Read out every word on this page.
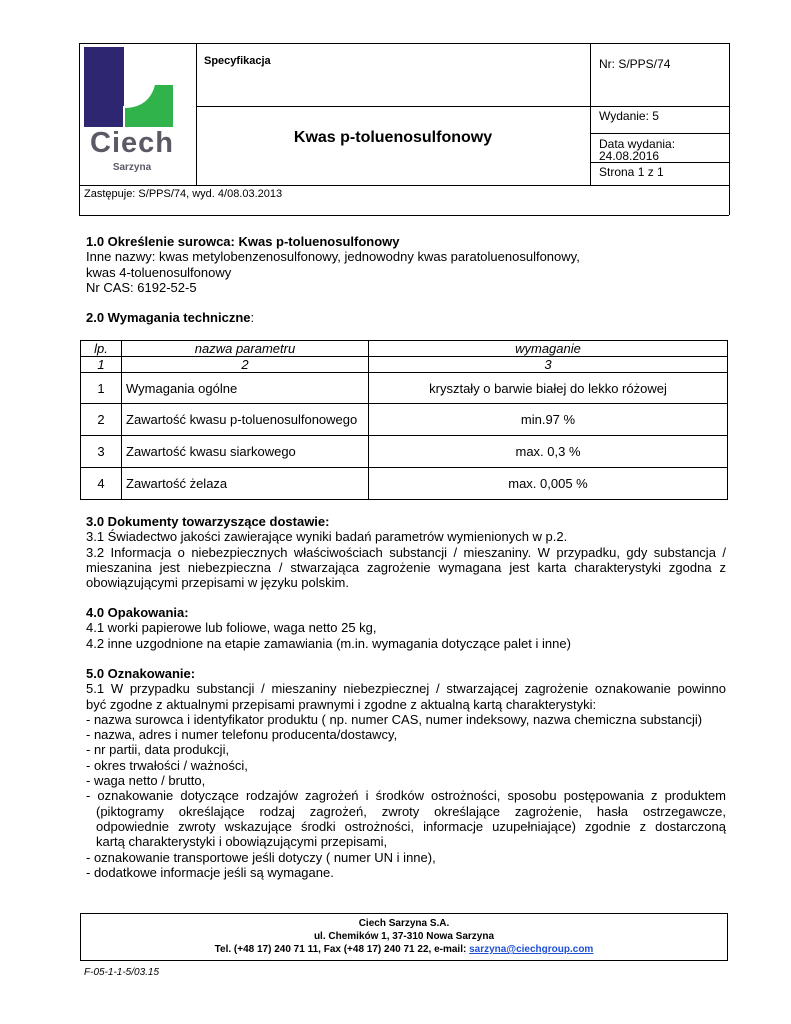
Ciech
Sarzyna
Specyfikacja	Nr: S/PPS/74
Kwas p-toluenosulfonowy
Wydanie: 5
Data wydania:
24.08.2016
Strona 1 z 1
Zastępuje: S/PPS/74, wyd. 4/08.03.2013
1.0 Określenie surowca: Kwas p-toluenosulfonowy
Inne nazwy: kwas metylobenzenosulfonowy, jednowodny kwas paratoluenosulfonowy,
kwas 4-toluenosulfonowy
Nr CAS: 6192-52-5
2.0 Wymagania techniczne:
lp.	nazwa parametru	wymaganie
1	2	3
1	Wymagania ogólne	kryształy o barwie białej do lekko różowej
2	Zawartość kwasu p-toluenosulfonowego	min.97 %
3	Zawartość kwasu siarkowego	max. 0,3 %
4	Zawartość żelaza	max. 0,005 %
3.0 Dokumenty towarzyszące dostawie:
3.1 Świadectwo jakości zawierające wyniki badań parametrów wymienionych w p.2.
3.2 Informacja o niebezpiecznych właściwościach substancji / mieszaniny. W przypadku, gdy substancja /
mieszanina jest niebezpieczna / stwarzająca zagrożenie wymagana jest karta charakterystyki zgodna z
obowiązującymi przepisami w języku polskim.
4.0 Opakowania:
4.1 worki papierowe lub foliowe, waga netto 25 kg,
4.2 inne uzgodnione na etapie zamawiania (m.in. wymagania dotyczące palet i inne)
5.0 Oznakowanie:
5.1 W przypadku substancji / mieszaniny niebezpiecznej / stwarzającej zagrożenie oznakowanie powinno
być zgodne z aktualnymi przepisami prawnymi i zgodne z aktualną kartą charakterystyki:
- nazwa surowca i identyfikator produktu ( np. numer CAS, numer indeksowy, nazwa chemiczna substancji)
- nazwa, adres i numer telefonu producenta/dostawcy,
- nr partii, data produkcji,
- okres trwałości / ważności,
- waga netto / brutto,
- oznakowanie dotyczące rodzajów zagrożeń i środków ostrożności, sposobu postępowania z produktem
(piktogramy określające rodzaj zagrożeń, zwroty określające zagrożenie, hasła ostrzegawcze,
odpowiednie zwroty wskazujące środki ostrożności, informacje uzupełniające) zgodnie z dostarczoną
kartą charakterystyki i obowiązującymi przepisami,
- oznakowanie transportowe jeśli dotyczy ( numer UN i inne),
- dodatkowe informacje jeśli są wymagane.
Ciech Sarzyna S.A.
ul. Chemików 1, 37-310 Nowa Sarzyna
Tel. (+48 17) 240 71 11, Fax (+48 17) 240 71 22, e-mail: sarzyna@ciechgroup.com
F-05-1-1-5/03.15
